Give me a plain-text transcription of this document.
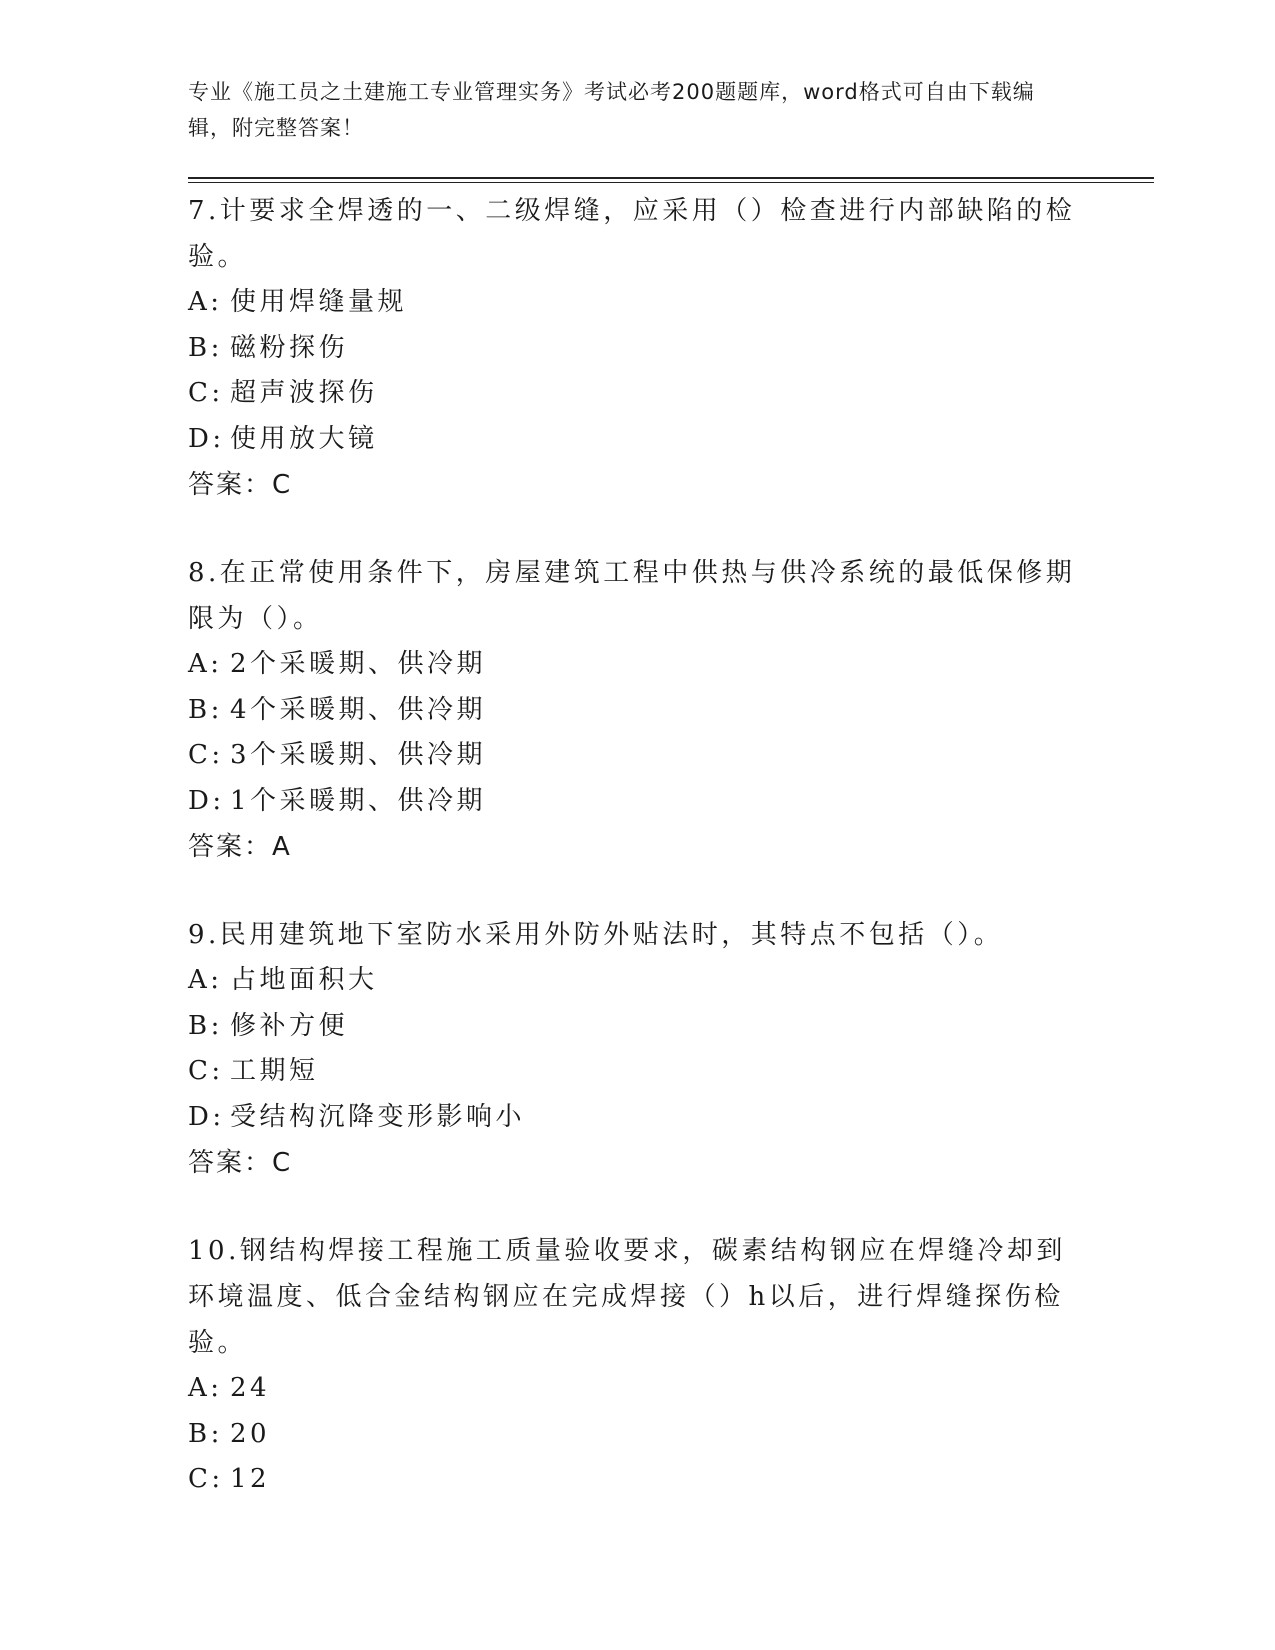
专业《施工员之土建施工专业管理实务》考试必考200题题库，word格式可自由下载编辑，附完整答案！

7.计要求全焊透的一、二级焊缝，应采用（）检查进行内部缺陷的检验。

A: 使用焊缝量规
B: 磁粉探伤
C: 超声波探伤
D: 使用放大镜

答案：C

8.在正常使用条件下，房屋建筑工程中供热与供冷系统的最低保修期限为（）。

A: 2个采暖期、供冷期
B: 4个采暖期、供冷期
C: 3个采暖期、供冷期
D: 1个采暖期、供冷期

答案：A

9.民用建筑地下室防水采用外防外贴法时，其特点不包括（）。

A: 占地面积大
B: 修补方便
C: 工期短
D: 受结构沉降变形影响小

答案：C

10.钢结构焊接工程施工质量验收要求，碳素结构钢应在焊缝冷却到环境温度、低合金结构钢应在完成焊接（）h以后，进行焊缝探伤检验。

A: 24
B: 20
C: 12
